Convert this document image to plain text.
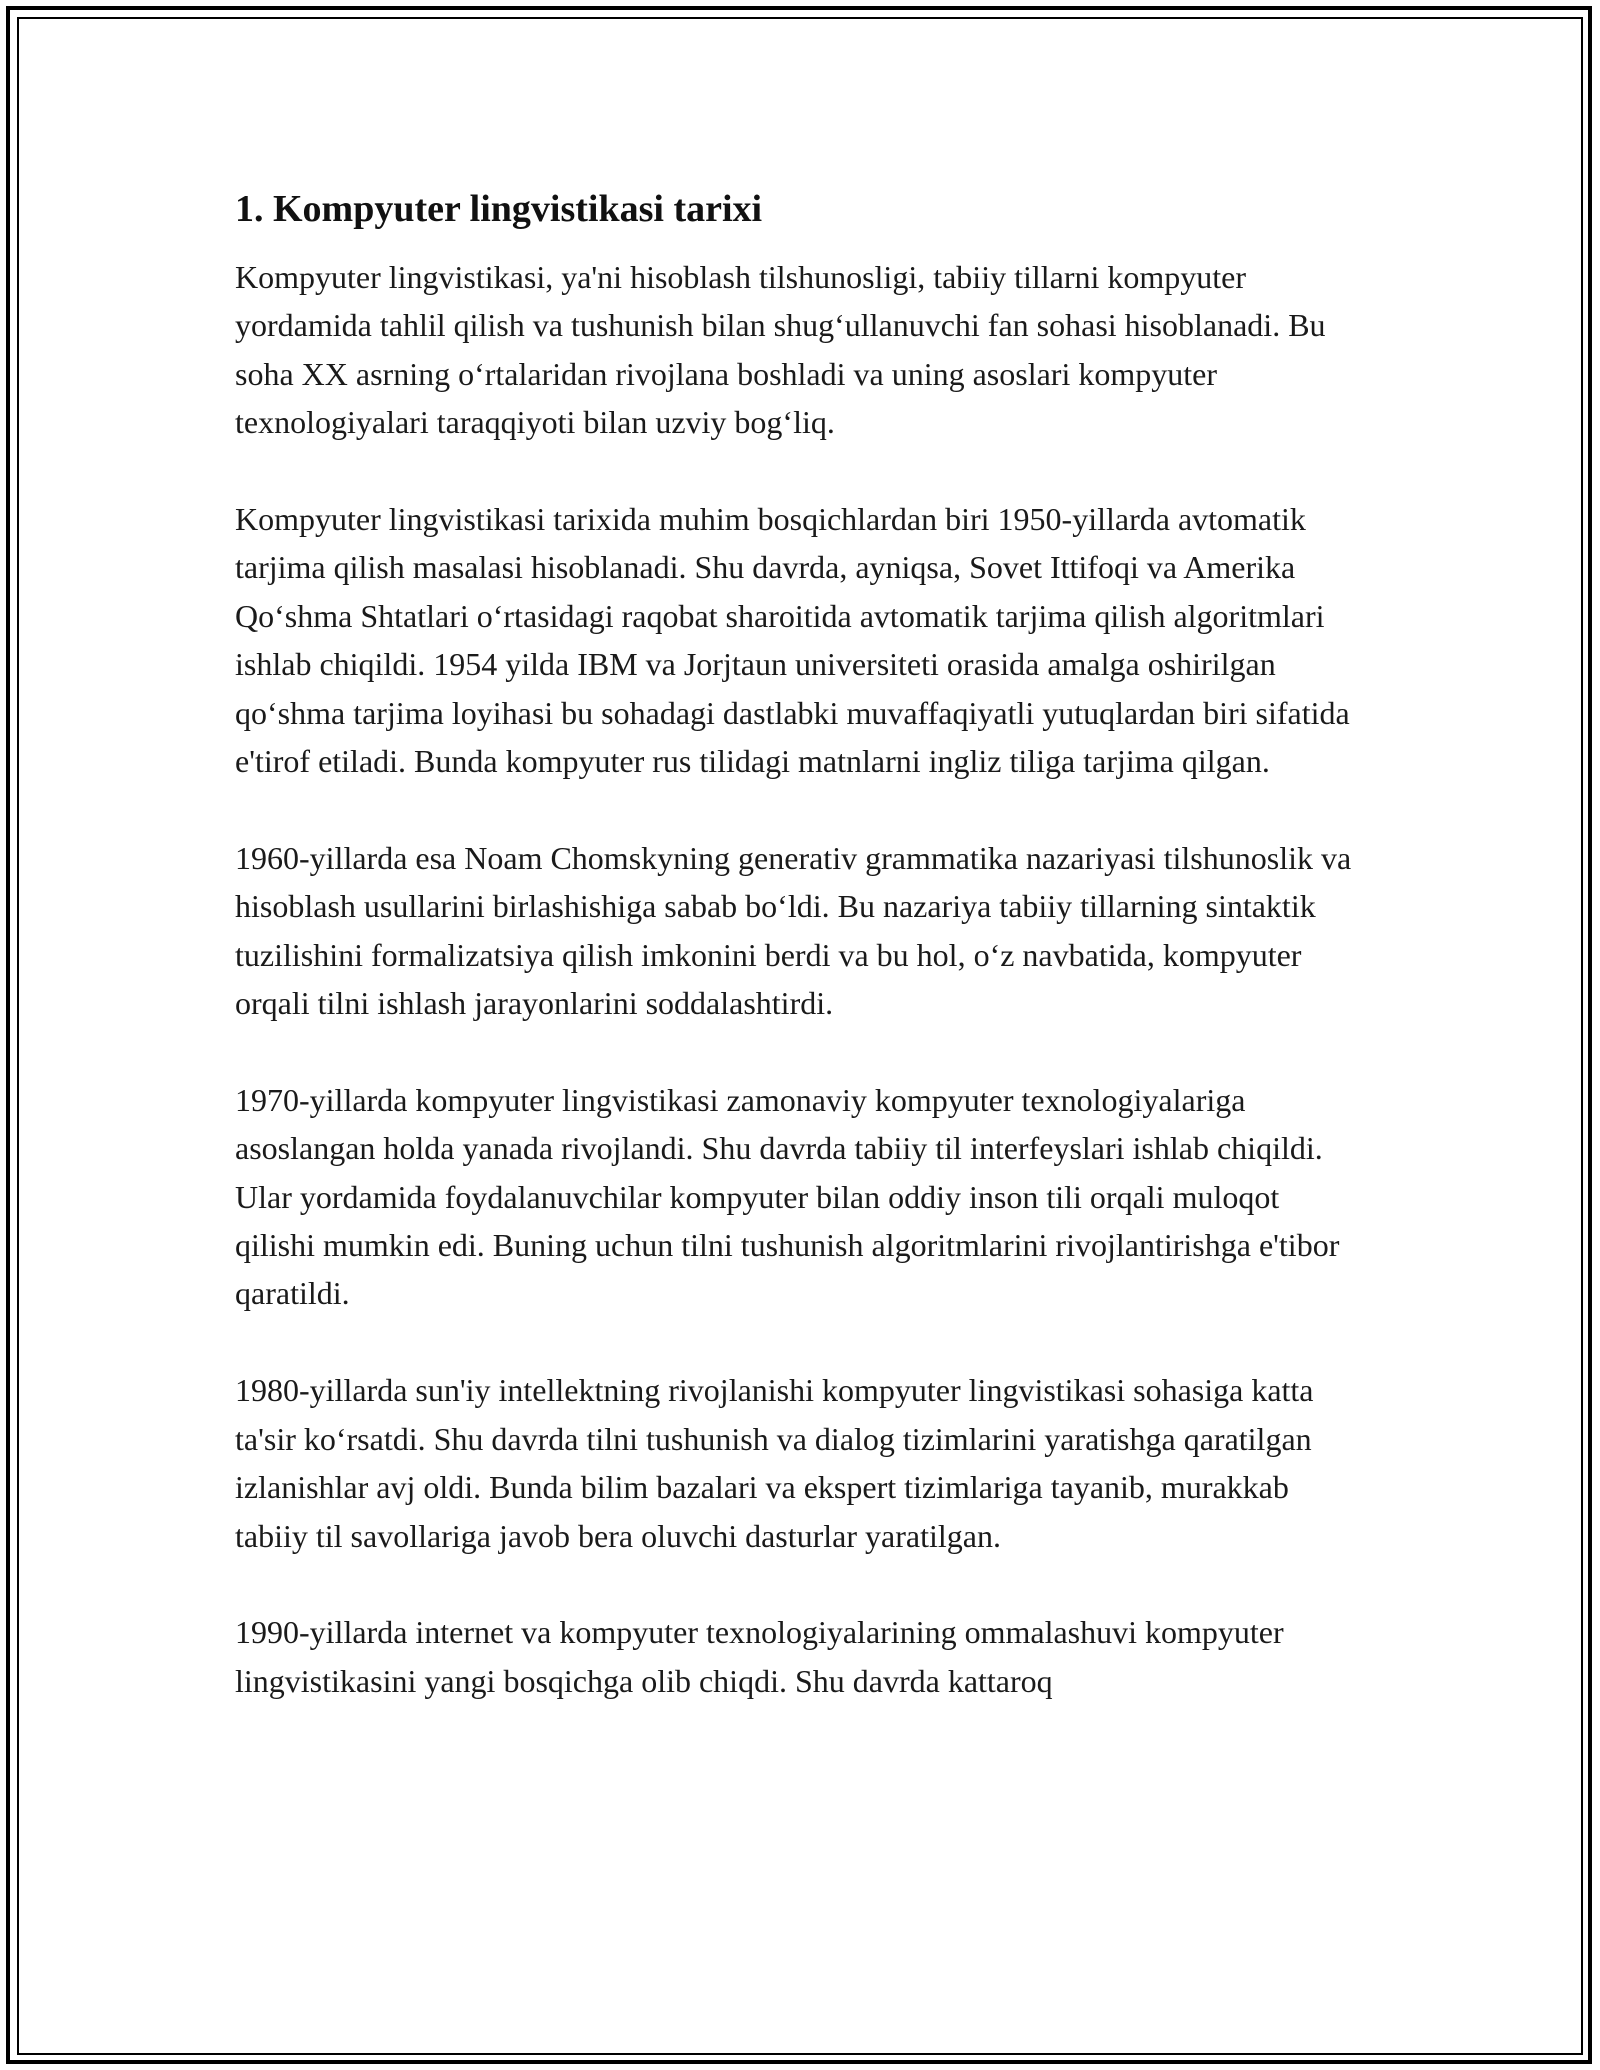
1. Kompyuter lingvistikasi tarixi

Kompyuter lingvistikasi, ya'ni hisoblash tilshunosligi, tabiiy tillarni kompyuter yordamida tahlil qilish va tushunish bilan shug‘ullanuvchi fan sohasi hisoblanadi. Bu soha XX asrning o‘rtalaridan rivojlana boshladi va uning asoslari kompyuter texnologiyalari taraqqiyoti bilan uzviy bog‘liq.

Kompyuter lingvistikasi tarixida muhim bosqichlardan biri 1950-yillarda avtomatik tarjima qilish masalasi hisoblanadi. Shu davrda, ayniqsa, Sovet Ittifoqi va Amerika Qo‘shma Shtatlari o‘rtasidagi raqobat sharoitida avtomatik tarjima qilish algoritmlari ishlab chiqildi. 1954 yilda IBM va Jorjtaun universiteti orasida amalga oshirilgan qo‘shma tarjima loyihasi bu sohadagi dastlabki muvaffaqiyatli yutuqlardan biri sifatida e'tirof etiladi. Bunda kompyuter rus tilidagi matnlarni ingliz tiliga tarjima qilgan.

1960-yillarda esa Noam Chomskyning generativ grammatika nazariyasi tilshunoslik va hisoblash usullarini birlashishiga sabab bo‘ldi. Bu nazariya tabiiy tillarning sintaktik tuzilishini formalizatsiya qilish imkonini berdi va bu hol, o‘z navbatida, kompyuter orqali tilni ishlash jarayonlarini soddalashtirdi.

1970-yillarda kompyuter lingvistikasi zamonaviy kompyuter texnologiyalariga asoslangan holda yanada rivojlandi. Shu davrda tabiiy til interfeyslari ishlab chiqildi. Ular yordamida foydalanuvchilar kompyuter bilan oddiy inson tili orqali muloqot qilishi mumkin edi. Buning uchun tilni tushunish algoritmlarini rivojlantirishga e'tibor qaratildi.

1980-yillarda sun'iy intellektning rivojlanishi kompyuter lingvistikasi sohasiga katta ta'sir ko‘rsatdi. Shu davrda tilni tushunish va dialog tizimlarini yaratishga qaratilgan izlanishlar avj oldi. Bunda bilim bazalari va ekspert tizimlariga tayanib, murakkab tabiiy til savollariga javob bera oluvchi dasturlar yaratilgan.

1990-yillarda internet va kompyuter texnologiyalarining ommalashuvi kompyuter lingvistikasini yangi bosqichga olib chiqdi. Shu davrda kattaroq
